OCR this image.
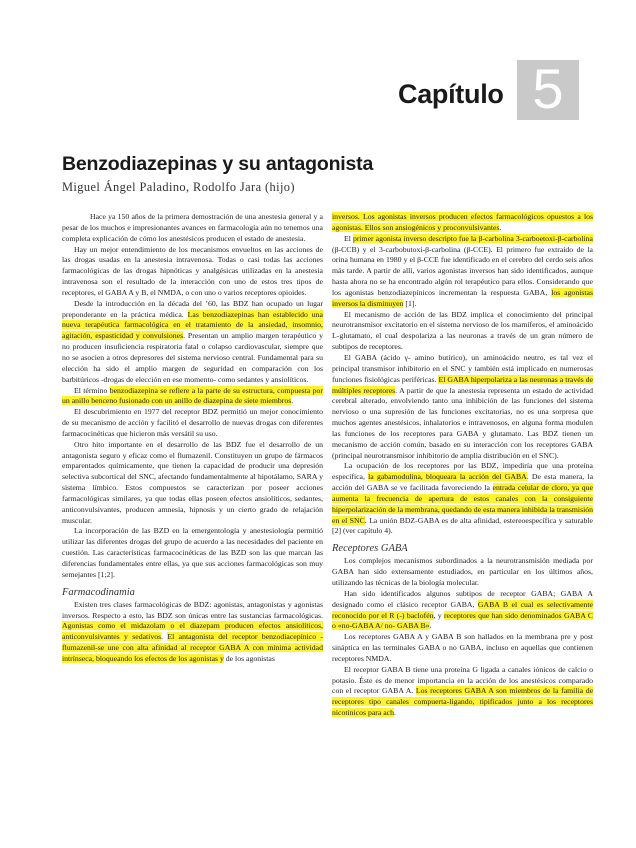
Capítulo 5
Benzodiazepinas y su antagonista
Miguel Ángel Paladino, Rodolfo Jara (hijo)

Hace ya 150 años de la primera demostración de una anestesia general y a pesar de los muchos e impresionantes avances en farmacología aún no tenemos una completa explicación de cómo los anestésicos producen el estado de anestesia.

Hay un mejor entendimiento de los mecanismos envueltos en las acciones de las drogas usadas en la anestesia intravenosa. Todas o casi todas las acciones farmacológicas de las drogas hipnóticas y analgésicas utilizadas en la anestesia intravenosa son el resultado de la interacción con uno de estos tres tipos de receptores, el GABA A y B, el NMDA, o con uno o varios receptores opioides.

Desde la introducción en la década del ’60, las BDZ han ocupado un lugar preponderante en la práctica médica. Las benzodiazepinas han establecido una nueva terapéutica farmacológica en el tratamiento de la ansiedad, insomnio, agitación, espasticidad y convulsiones. Presentan un amplio margen terapéutico y no producen insuficiencia respiratoria fatal o colapso cardiovascular, siempre que no se asocien a otros depresores del sistema nervioso central. Fundamental para su elección ha sido el amplio margen de seguridad en comparación con los barbitúricos -drogas de elección en ese momento- como sedantes y ansiolíticos.

El término benzodiazepina se refiere a la parte de su estructura, compuesta por un anillo benceno fusionado con un anillo de diazepina de siete miembros.

El descubrimiento en 1977 del receptor BDZ permitió un mejor conocimiento de su mecanismo de acción y facilitó el desarrollo de nuevas drogas con diferentes farmacocinéticas que hicieron más versátil su uso.

Otro hito importante en el desarrollo de las BDZ fue el desarrollo de un antagonista seguro y eficaz como el flumazenil. Constituyen un grupo de fármacos emparentados químicamente, que tienen la capacidad de producir una depresión selectiva subcortical del SNC, afectando fundamentalmente al hipotálamo, SARA y sistema límbico. Estos compuestos se caracterizan por poseer acciones farmacológicas similares, ya que todas ellas poseen efectos ansiolíticos, sedantes, anticonvulsivantes, producen amnesia, hipnosis y un cierto grado de relajación muscular.

La incorporación de las BZD en la emergentología y anestesiología permitió utilizar las diferentes drogas del grupo de acuerdo a las necesidades del paciente en cuestión. Las características farmacocinéticas de las BZD son las que marcan las diferencias fundamentales entre ellas, ya que sus acciones farmacológicas son muy semejantes [1;2].

Farmacodinamia

Existen tres clases farmacológicas de BDZ: agonistas, antagonistas y agonistas inversos. Respecto a esto, las BDZ son únicas entre las sustancias farmacológicas. Agonistas como el midazolam o el diazepam producen efectos ansiolíticos, anticonvulsivantes y sedativos. El antagonista del receptor benzodiacepínico -flumazenil-se une con alta afinidad al receptor GABA A con mínima actividad intrínseca, bloqueando los efectos de los agonistas y de los agonistas

inversos. Los agonistas inversos producen efectos farmacológicos opuestos a los agonistas. Ellos son ansiogénicos y proconvulsivantes.

El primer agonista inverso descripto fue la β-carbolina 3-carboetoxi-β-carbolina (β-CCB) y el 3-carbobutoxi-β-carbolina (β-CCE). El primero fue extraído de la orina humana en 1980 y el β-CCE fue identificado en el cerebro del cerdo seis años más tarde. A partir de allí, varios agonistas inversos han sido identificados, aunque hasta ahora no se ha encontrado algún rol terapéutico para ellos. Considerando que los agonistas benzodiazepínicos incrementan la respuesta GABA, los agonistas inversos la disminuyen [1].

El mecanismo de acción de las BDZ implica el conocimiento del principal neurotransmisor excitatorio en el sistema nervioso de los mamíferos, el aminoácido L-glutamato, el cual despolariza a las neuronas a través de un gran número de subtipos de receptores.

El GABA (ácido γ- amino butírico), un aminoácido neutro, es tal vez el principal transmisor inhibitorio en el SNC y también está implicado en numerosas funciones fisiológicas periféricas. El GABA hiperpolariza a las neuronas a través de múltiples receptores. A partir de que la anestesia representa un estado de actividad cerebral alterado, envolviendo tanto una inhibición de las funciones del sistema nervioso o una supresión de las funciones excitatorias, no es una sorpresa que muchos agentes anestésicos, inhalatorios e intravenosos, en alguna forma modulen las funciones de los receptores para GABA y glutamato. Las BDZ tienen un mecanismo de acción común, basado en su interacción con los receptores GABA (principal neurotransmisor inhibitorio de amplia distribución en el SNC).

La ocupación de los receptores por las BDZ, impediría que una proteína específica, la gabamodulina, bloqueara la acción del GABA. De esta manera, la acción del GABA se ve facilitada favoreciendo la entrada celular de cloro, ya que aumenta la frecuencia de apertura de estos canales con la consiguiente hiperpolarización de la membrana, quedando de esta manera inhibida la transmisión en el SNC. La unión BDZ-GABA es de alta afinidad, estereoespecífica y saturable [2] (ver capítulo 4).

Receptores GABA

Los complejos mecanismos subordinados a la neurotransmisión mediada por GABA han sido extensamente estudiados, en particular en los últimos años, utilizando las técnicas de la biología molecular.

Han sido identificados algunos subtipos de receptor GABA; GABA A designado como el clásico receptor GABA, GABA B el cual es selectivamente reconocido por el R (-) baclofén, y receptores que han sido denominados GABA C o «no-GABA A/ no- GABA B».

Los receptores GABA A y GABA B son hallados en la membrana pre y post sináptica en las terminales GABA o no GABA, incluso en aquellas que contienen receptores NMDA.

El receptor GABA B tiene una proteína G ligada a canales iónicos de calcio o potasio. Éste es de menor importancia en la acción de los anestésicos comparado con el receptor GABA A. Los receptores GABA A son miembros de la familia de receptores tipo canales compuerta-ligando, tipificados junto a los receptores nicotínicos para ach.
